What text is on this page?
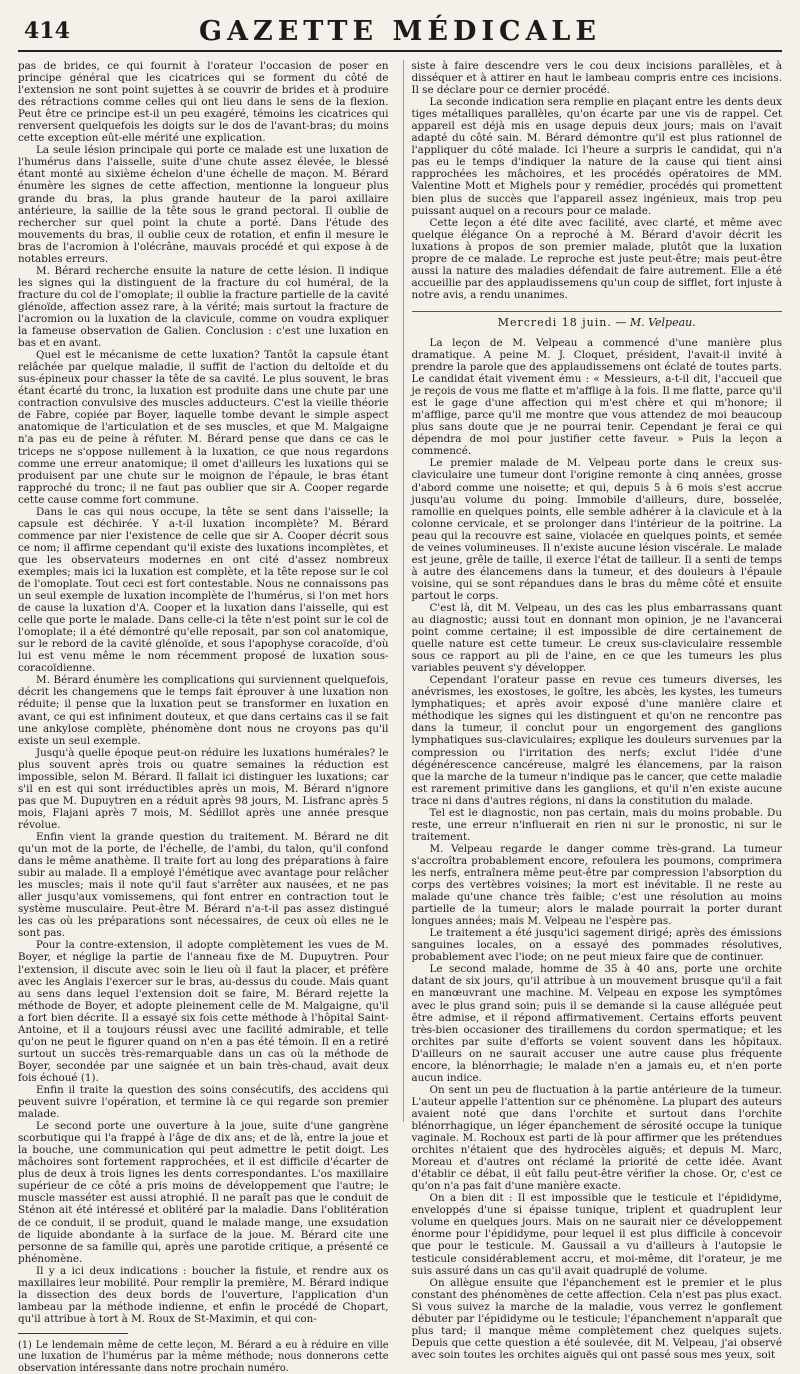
414	GAZETTE MÉDICALE

pas de brides, ce qui fournit à l'orateur l'occasion de poser en principe général que les cicatrices qui se forment du côté de l'extension ne sont point sujettes à se couvrir de brides et à produire des rétractions comme celles qui ont lieu dans le sens de la flexion. Peut être ce principe est-il un peu exagéré, témoins les cicatrices qui renversent quelquefois les doigts sur le dos de l'avant-bras; du moins cette exception eût-elle mérité une explication.

La seule lésion principale qui porte ce malade est une luxation de l'humérus dans l'aisselle, suite d'une chute assez élevée, le blessé étant monté au sixième échelon d'une échelle de maçon. M. Bérard énumère les signes de cette affection, mentionne la longueur plus grande du bras, la plus grande hauteur de la paroi axillaire antérieure, la saillie de la tête sous le grand pectoral. Il oublie de rechercher sur quel point la chute a porté. Dans l'étude des mouvements du bras, il oublie ceux de rotation, et enfin il mesure le bras de l'acromion à l'olécrâne, mauvais procédé et qui expose à de notables erreurs.

M. Bérard recherche ensuite la nature de cette lésion. Il indique les signes qui la distinguent de la fracture du col huméral, de la fracture du col de l'omoplate; il oublie la fracture partielle de la cavité glénoïde, affection assez rare, à la vérité; mais surtout la fracture de l'acromion ou la luxation de la clavicule, comme on voudra expliquer la fameuse observation de Galien. Conclusion : c'est une luxation en bas et en avant.

Quel est le mécanisme de cette luxation? Tantôt la capsule étant relâchée par quelque maladie, il suffit de l'action du deltoïde et du sus-épineux pour chasser la tête de sa cavité. Le plus souvent, le bras étant écarté du tronc, la luxation est produite dans une chute par une contraction convulsive des muscles adducteurs. C'est la vieille théorie de Fabre, copiée par Boyer, laquelle tombe devant le simple aspect anatomique de l'articulation et de ses muscles, et que M. Malgaigne n'a pas eu de peine à réfuter. M. Bérard pense que dans ce cas le triceps ne s'oppose nullement à la luxation, ce que nous regardons comme une erreur anatomique; il omet d'ailleurs les luxations qui se produisent par une chute sur le moignon de l'épaule, le bras étant rapproché du tronc; il ne faut pas oublier que sir A. Cooper regarde cette cause comme fort commune.

Dans le cas qui nous occupe, la tête se sent dans l'aisselle; la capsule est déchirée. Y a-t-il luxation incomplète? M. Bérard commence par nier l'existence de celle que sir A. Cooper décrit sous ce nom; il affirme cependant qu'il existe des luxations incomplètes, et que les observateurs modernes en ont cité d'assez nombreux exemples; mais ici la luxation est complète, et la tête repose sur le col de l'omoplate. Tout ceci est fort contestable. Nous ne connaissons pas un seul exemple de luxation incomplète de l'humérus, si l'on met hors de cause la luxation d'A. Cooper et la luxation dans l'aisselle, qui est celle que porte le malade. Dans celle-ci la tête n'est point sur le col de l'omoplate; il a été démontré qu'elle reposait, par son col anatomique, sur le rebord de la cavité glénoïde, et sous l'apophyse coracoïde, d'où lui est venu même le nom récemment proposé de luxation sous-coracoïdienne.

M. Bérard énumère les complications qui surviennent quelquefois, décrit les changemens que le temps fait éprouver à une luxation non réduite; il pense que la luxation peut se transformer en luxation en avant, ce qui est infiniment douteux, et que dans certains cas il se fait une ankylose complète, phénomène dont nous ne croyons pas qu'il existe un seul exemple.

Jusqu'à quelle époque peut-on réduire les luxations humérales? le plus souvent après trois ou quatre semaines la réduction est impossible, selon M. Bérard. Il fallait ici distinguer les luxations; car s'il en est qui sont irréductibles après un mois, M. Bérard n'ignore pas que M. Dupuytren en a réduit après 98 jours, M. Lisfranc après 5 mois, Flajani après 7 mois, M. Sédillot après une année presque révolue.

Enfin vient la grande question du traitement. M. Bérard ne dit qu'un mot de la porte, de l'échelle, de l'ambi, du talon, qu'il confond dans le même anathème. Il traite fort au long des préparations à faire subir au malade. Il a employé l'émétique avec avantage pour relâcher les muscles; mais il note qu'il faut s'arrêter aux nausées, et ne pas aller jusqu'aux vomissemens, qui font entrer en contraction tout le système musculaire. Peut-être M. Bérard n'a-t-il pas assez distingué les cas où les préparations sont nécessaires, de ceux où elles ne le sont pas.

Pour la contre-extension, il adopte complètement les vues de M. Boyer, et néglige la partie de l'anneau fixe de M. Dupuytren. Pour l'extension, il discute avec soin le lieu où il faut la placer, et préfère avec les Anglais l'exercer sur le bras, au-dessus du coude. Mais quant au sens dans lequel l'extension doit se faire, M. Bérard rejette la méthode de Boyer, et adopte pleinement celle de M. Malgaigne, qu'il a fort bien décrite. Il a essayé six fois cette méthode à l'hôpital Saint-Antoine, et il a toujours réussi avec une facilité admirable, et telle qu'on ne peut le figurer quand on n'en a pas été témoin. Il en a retiré surtout un succès très-remarquable dans un cas où la méthode de Boyer, secondée par une saignée et un bain très-chaud, avait deux fois échoué (1).

Enfin il traite la question des soins consécutifs, des accidens qui peuvent suivre l'opération, et termine là ce qui regarde son premier malade.

Le second porte une ouverture à la joue, suite d'une gangrène scorbutique qui l'a frappé à l'âge de dix ans; et de là, entre la joue et la bouche, une communication qui peut admettre le petit doigt. Les mâchoires sont fortement rapprochées, et il est difficile d'écarter de plus de deux à trois lignes les dents correspondantes. L'os maxillaire supérieur de ce côté a pris moins de développement que l'autre; le muscle masséter est aussi atrophié. Il ne paraît pas que le conduit de Sténon ait été intéressé et oblitéré par la maladie. Dans l'oblitération de ce conduit, il se produit, quand le malade mange, une exsudation de liquide abondante à la surface de la joue. M. Bérard cite une personne de sa famille qui, après une parotide critique, a présenté ce phénomène.

Il y a ici deux indications : boucher la fistule, et rendre aux os maxillaires leur mobilité. Pour remplir la première, M. Bérard indique la dissection des deux bords de l'ouverture, l'application d'un lambeau par la méthode indienne, et enfin le procédé de Chopart, qu'il attribue à tort à M. Roux de St-Maximin, et qui con-

(1) Le lendemain même de cette leçon, M. Bérard a eu à réduire en ville une luxation de l'humérus par la même méthode; nous donnerons cette observation intéressante dans notre prochain numéro.

siste à faire descendre vers le cou deux incisions parallèles, et à disséquer et à attirer en haut le lambeau compris entre ces incisions. Il se déclare pour ce dernier procédé.

La seconde indication sera remplie en plaçant entre les dents deux tiges métalliques parallèles, qu'on écarte par une vis de rappel. Cet appareil est déjà mis en usage depuis deux jours; mais on l'avait adapté du côté sain. M. Bérard démontre qu'il est plus rationnel de l'appliquer du côté malade. Ici l'heure a surpris le candidat, qui n'a pas eu le temps d'indiquer la nature de la cause qui tient ainsi rapprochées les mâchoires, et les procédés opératoires de MM. Valentine Mott et Mighels pour y remédier, procédés qui promettent bien plus de succès que l'appareil assez ingénieux, mais trop peu puissant auquel on a recours pour ce malade.

Cette leçon a été dite avec facilité, avec clarté, et même avec quelque élégance On a reproché à M. Bérard d'avoir décrit les luxations à propos de son premier malade, plutôt que la luxation propre de ce malade. Le reproche est juste peut-être; mais peut-être aussi la nature des maladies défendait de faire autrement. Elle a été accueillie par des applaudissemens qu'un coup de sifflet, fort injuste à notre avis, a rendu unanimes.

Mercredi 18 juin. — M. Velpeau.

La leçon de M. Velpeau a commencé d'une manière plus dramatique. A peine M. J. Cloquet, président, l'avait-il invité à prendre la parole que des applaudissemens ont éclaté de toutes parts. Le candidat était vivement ému : « Messieurs, a-t-il dit, l'accueil que je reçois de vous me flatte et m'afflige à la fois. Il me flatte, parce qu'il est le gage d'une affection qui m'est chère et qui m'honore; il m'afflige, parce qu'il me montre que vous attendez de moi beaucoup plus sans doute que je ne pourrai tenir. Cependant je ferai ce qui dépendra de moi pour justifier cette faveur. » Puis la leçon a commencé.

Le premier malade de M. Velpeau porte dans le creux sus-claviculaire une tumeur dont l'origine remonte à cinq années, grosse d'abord comme une noisette; et qui, depuis 5 à 6 mois s'est accrue jusqu'au volume du poing. Immobile d'ailleurs, dure, bosselée, ramollie en quelques points, elle semble adhérer à la clavicule et à la colonne cervicale, et se prolonger dans l'intérieur de la poitrine. La peau qui la recouvre est saine, violacée en quelques points, et semée de veines volumineuses. Il n'existe aucune lésion viscérale. Le malade est jeune, grêle de taille, il exerce l'état de tailleur. Il a senti de temps à autre des élancemens dans la tumeur, et des douleurs à l'épaule voisine, qui se sont répandues dans le bras du même côté et ensuite partout le corps.

C'est là, dit M. Velpeau, un des cas les plus embarrassans quant au diagnostic; aussi tout en donnant mon opinion, je ne l'avancerai point comme certaine; il est impossible de dire certainement de quelle nature est cette tumeur. Le creux sus-claviculaire ressemble sous ce rapport au pli de l'aine, en ce que les tumeurs les plus variables peuvent s'y développer.

Cependant l'orateur passe en revue ces tumeurs diverses, les anévrismes, les exostoses, le goître, les abcès, les kystes, les tumeurs lymphatiques; et après avoir exposé d'une manière claire et méthodique les signes qui les distinguent et qu'on ne rencontre pas dans la tumeur, il conclut pour un engorgement des ganglions lymphatiques sus-claviculaires; explique les douleurs survenues par la compression ou l'irritation des nerfs; exclut l'idée d'une dégénérescence cancéreuse, malgré les élancemens, par la raison que la marche de la tumeur n'indique pas le cancer, que cette maladie est rarement primitive dans les ganglions, et qu'il n'en existe aucune trace ni dans d'autres régions, ni dans la constitution du malade.

Tel est le diagnostic, non pas certain, mais du moins probable. Du reste, une erreur n'influerait en rien ni sur le pronostic, ni sur le traitement.

M. Velpeau regarde le danger comme très-grand. La tumeur s'accroîtra probablement encore, refoulera les poumons, comprimera les nerfs, entraînera même peut-être par compression l'absorption du corps des vertèbres voisines; la mort est inévitable. Il ne reste au malade qu'une chance très faible; c'est une résolution au moins partielle de la tumeur; alors le malade pourrait la porter durant longues années; mais M. Velpeau ne l'espère pas.

Le traitement a été jusqu'ici sagement dirigé; après des émissions sanguines locales, on a essayé des pommades résolutives, probablement avec l'iode; on ne peut mieux faire que de continuer.

Le second malade, homme de 35 à 40 ans, porte une orchite datant de six jours, qu'il attribue à un mouvement brusque qu'il a fait en manœuvrant une machine. M. Velpeau en expose les symptômes avec le plus grand soin; puis il se demande si la cause alléguée peut être admise, et il répond affirmativement. Certains efforts peuvent très-bien occasioner des tiraillemens du cordon spermatique; et les orchites par suite d'efforts se voient souvent dans les hôpitaux. D'ailleurs on ne saurait accuser une autre cause plus fréquente encore, la blénorrhagie; le malade n'en a jamais eu, et n'en porte aucun indice.

On sent un peu de fluctuation à la partie antérieure de la tumeur. L'auteur appelle l'attention sur ce phénomène. La plupart des auteurs avaient noté que dans l'orchite et surtout dans l'orchite blénorrhagique, un léger épanchement de sérosité occupe la tunique vaginale. M. Rochoux est parti de là pour affirmer que les prétendues orchites n'étaient que des hydrocèles aiguës; et depuis M. Marc, Moreau et d'autres ont réclamé la priorité de cette idée. Avant d'établir ce débat, il eût fallu peut-être vérifier la chose. Or, c'est ce qu'on n'a pas fait d'une manière exacte.

On a bien dit : Il est impossible que le testicule et l'épididyme, enveloppés d'une si épaisse tunique, triplent et quadruplent leur volume en quelques jours. Mais on ne saurait nier ce développement énorme pour l'épididyme, pour lequel il est plus difficile à concevoir que pour le testicule. M. Gaussail a vu d'ailleurs à l'autopsie le testicule considérablement accru, et moi-même, dit l'orateur, je me suis assuré dans un cas qu'il avait quadruplé de volume.

On allègue ensuite que l'épanchement est le premier et le plus constant des phénomènes de cette affection. Cela n'est pas plus exact. Si vous suivez la marche de la maladie, vous verrez le gonflement débuter par l'épididyme ou le testicule; l'épanchement n'apparaît que plus tard; il manque même complètement chez quelques sujets. Depuis que cette question a été soulevée, dit M. Velpeau, j'ai observé avec soin toutes les orchites aiguës qui ont passé sous mes yeux, soit
